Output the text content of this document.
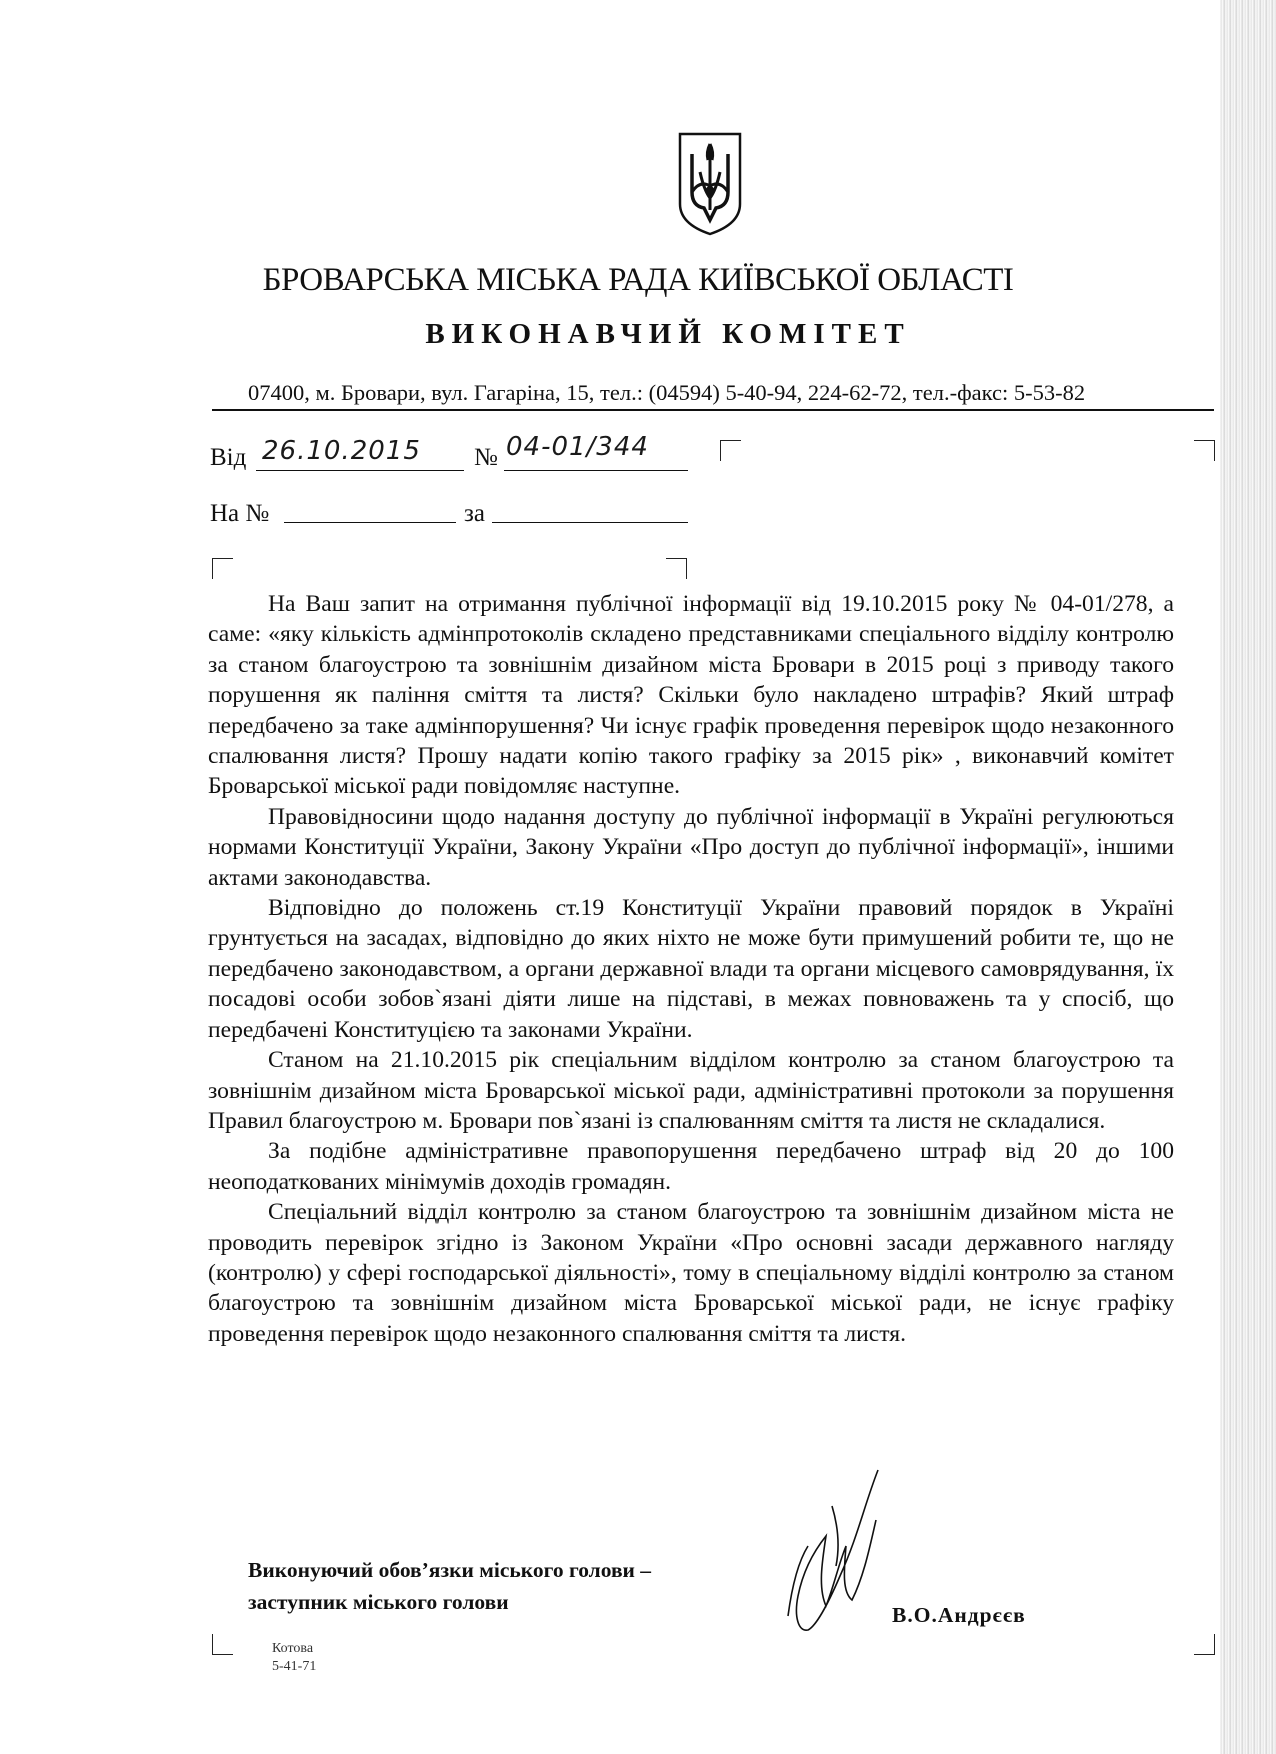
БРОВАРСЬКА МІСЬКА РАДА КИЇВСЬКОЇ ОБЛАСТІ
ВИКОНАВЧИЙ КОМІТЕТ
07400, м. Бровари, вул. Гагаріна, 15, тел.: (04594) 5-40-94, 224-62-72, тел.-факс: 5-53-82
Від 26.10.2015 № 04-01/344
На №	за

На Ваш запит на отримання публічної інформації від 19.10.2015 року № 04-01/278, а саме: «яку кількість адмінпротоколів складено представниками спеціального відділу контролю за станом благоустрою та зовнішнім дизайном міста Бровари в 2015 році з приводу такого порушення як паління сміття та листя? Скільки було накладено штрафів? Який штраф передбачено за таке адмінпорушення? Чи існує графік проведення перевірок щодо незаконного спалювання листя? Прошу надати копію такого графіку за 2015 рік» , виконавчий комітет Броварської міської ради повідомляє наступне.

Правовідносини щодо надання доступу до публічної інформації в Україні регулюються нормами Конституції України, Закону України «Про доступ до публічної інформації», іншими актами законодавства.

Відповідно до положень ст.19 Конституції України правовий порядок в Україні грунтується на засадах, відповідно до яких ніхто не може бути примушений робити те, що не передбачено законодавством, а органи державної влади та органи місцевого самоврядування, їх посадові особи зобов`язані діяти лише на підставі, в межах повноважень та у спосіб, що передбачені Конституцією та законами України.

Станом на 21.10.2015 рік спеціальним відділом контролю за станом благоустрою та зовнішнім дизайном міста Броварської міської ради, адміністративні протоколи за порушення Правил благоустрою м. Бровари пов`язані із спалюванням сміття та листя не складалися.

За подібне адміністративне правопорушення передбачено штраф від 20 до 100 неоподаткованих мінімумів доходів громадян.

Спеціальний відділ контролю за станом благоустрою та зовнішнім дизайном міста не проводить перевірок згідно із Законом України «Про основні засади державного нагляду (контролю) у сфері господарської діяльності», тому в спеціальному відділі контролю за станом благоустрою та зовнішнім дизайном міста Броварської міської ради, не існує графіку проведення перевірок щодо незаконного спалювання сміття та листя.

Виконуючий обов’язки міського голови –
заступник міського голови
В.О.Андрєєв
Котова
5-41-71
